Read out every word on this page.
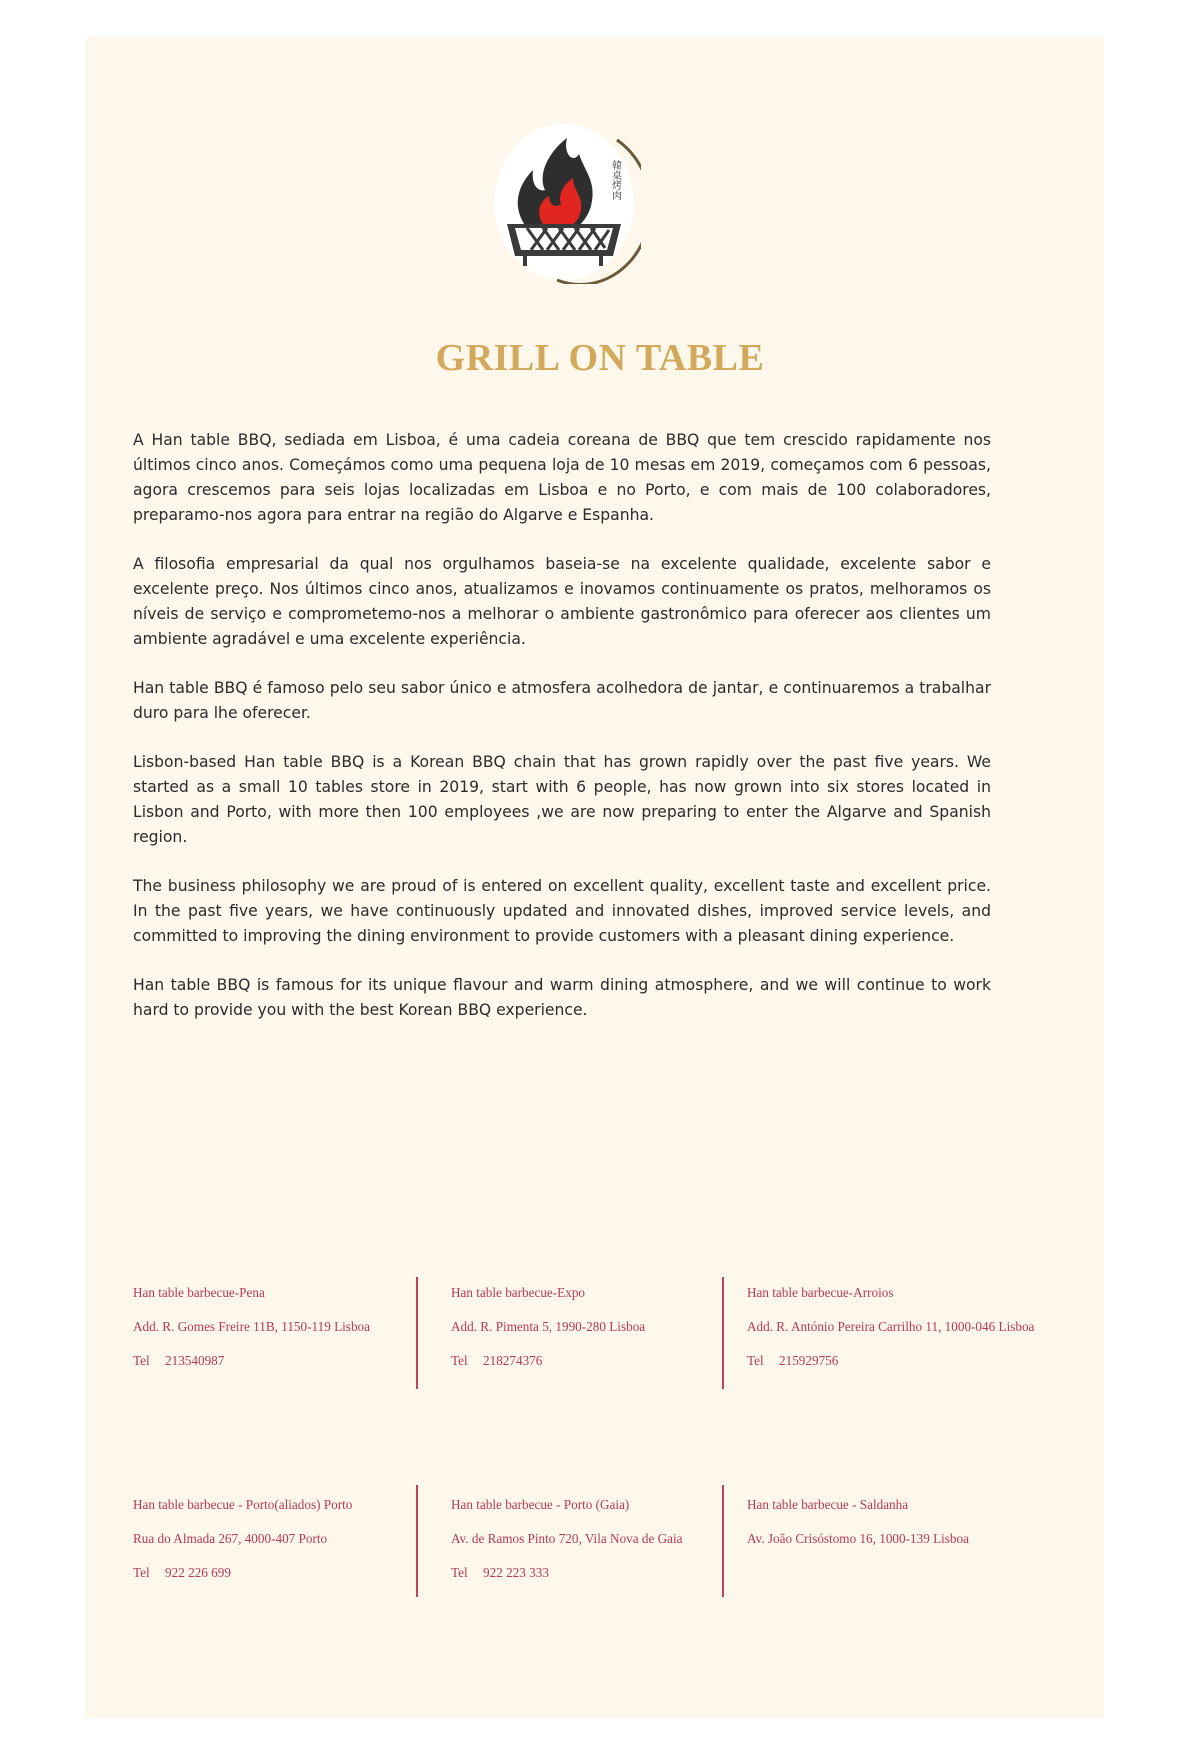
韓桌烤肉
GRILL ON TABLE

A Han table BBQ, sediada em Lisboa, é uma cadeia coreana de BBQ que tem crescido rapidamente nos últimos cinco anos. Começámos como uma pequena loja de 10 mesas em 2019, começamos com 6 pessoas, agora crescemos para seis lojas localizadas em Lisboa e no Porto, e com mais de 100 colaboradores, preparamo-nos agora para entrar na região do Algarve e Espanha.

A filosofia empresarial da qual nos orgulhamos baseia-se na excelente qualidade, excelente sabor e excelente preço. Nos últimos cinco anos, atualizamos e inovamos continuamente os pratos, melhoramos os níveis de serviço e comprometemo-nos a melhorar o ambiente gastronômico para oferecer aos clientes um ambiente agradável e uma excelente experiência.

Han table BBQ é famoso pelo seu sabor único e atmosfera acolhedora de jantar, e continuaremos a trabalhar duro para lhe oferecer.

Lisbon-based Han table BBQ is a Korean BBQ chain that has grown rapidly over the past five years. We started as a small 10 tables store in 2019, start with 6 people, has now grown into six stores located in Lisbon and Porto, with more then 100 employees ,we are now preparing to enter the Algarve and Spanish region.

The business philosophy we are proud of is entered on excellent quality, excellent taste and excellent price. In the past five years, we have continuously updated and innovated dishes, improved service levels, and committed to improving the dining environment to provide customers with a pleasant dining experience.

Han table BBQ is famous for its unique flavour and warm dining atmosphere, and we will continue to work hard to provide you with the best Korean BBQ experience.

Han table barbecue-Pena
Add. R. Gomes Freire 11B, 1150-119 Lisboa
Tel 213540987
Han table barbecue-Expo
Add. R. Pimenta 5, 1990-280 Lisboa
Tel 218274376
Han table barbecue-Arroios
Add. R. António Pereira Carrilho 11, 1000-046 Lisboa
Tel 215929756
Han table barbecue - Porto(aliados) Porto
Rua do Almada 267, 4000-407 Porto
Tel 922 226 699
Han table barbecue - Porto (Gaia)
Av. de Ramos Pinto 720, Vila Nova de Gaia
Tel 922 223 333
Han table barbecue - Saldanha
Av. João Crisóstomo 16, 1000-139 Lisboa
